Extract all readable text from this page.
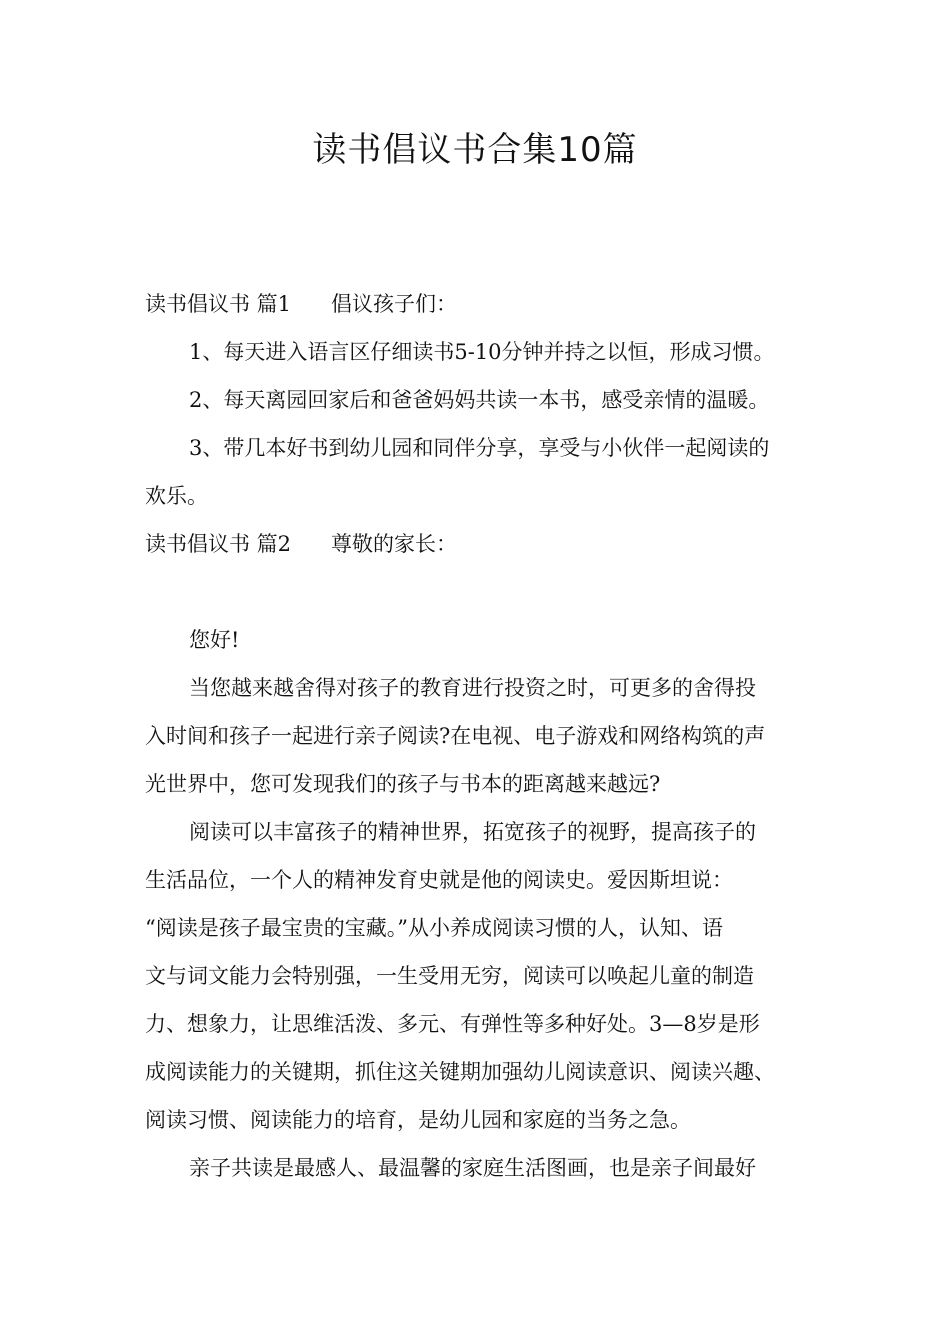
读书倡议书合集10篇
读书倡议书 篇1 倡议孩子们：
1、每天进入语言区仔细读书5-10分钟并持之以恒，形成习惯。
2、每天离园回家后和爸爸妈妈共读一本书，感受亲情的温暖。
3、带几本好书到幼儿园和同伴分享，享受与小伙伴一起阅读的
欢乐。
读书倡议书 篇2 尊敬的家长：
您好!
当您越来越舍得对孩子的教育进行投资之时，可更多的舍得投
入时间和孩子一起进行亲子阅读?在电视、电子游戏和网络构筑的声
光世界中，您可发现我们的孩子与书本的距离越来越远?
阅读可以丰富孩子的精神世界，拓宽孩子的视野，提高孩子的
生活品位，一个人的精神发育史就是他的阅读史。爱因斯坦说：
“阅读是孩子最宝贵的宝藏。”从小养成阅读习惯的人，认知、语
文与词文能力会特别强，一生受用无穷，阅读可以唤起儿童的制造
力、想象力，让思维活泼、多元、有弹性等多种好处。3—8岁是形
成阅读能力的关键期，抓住这关键期加强幼儿阅读意识、阅读兴趣、
阅读习惯、阅读能力的培育，是幼儿园和家庭的当务之急。
亲子共读是最感人、最温馨的家庭生活图画，也是亲子间最好
